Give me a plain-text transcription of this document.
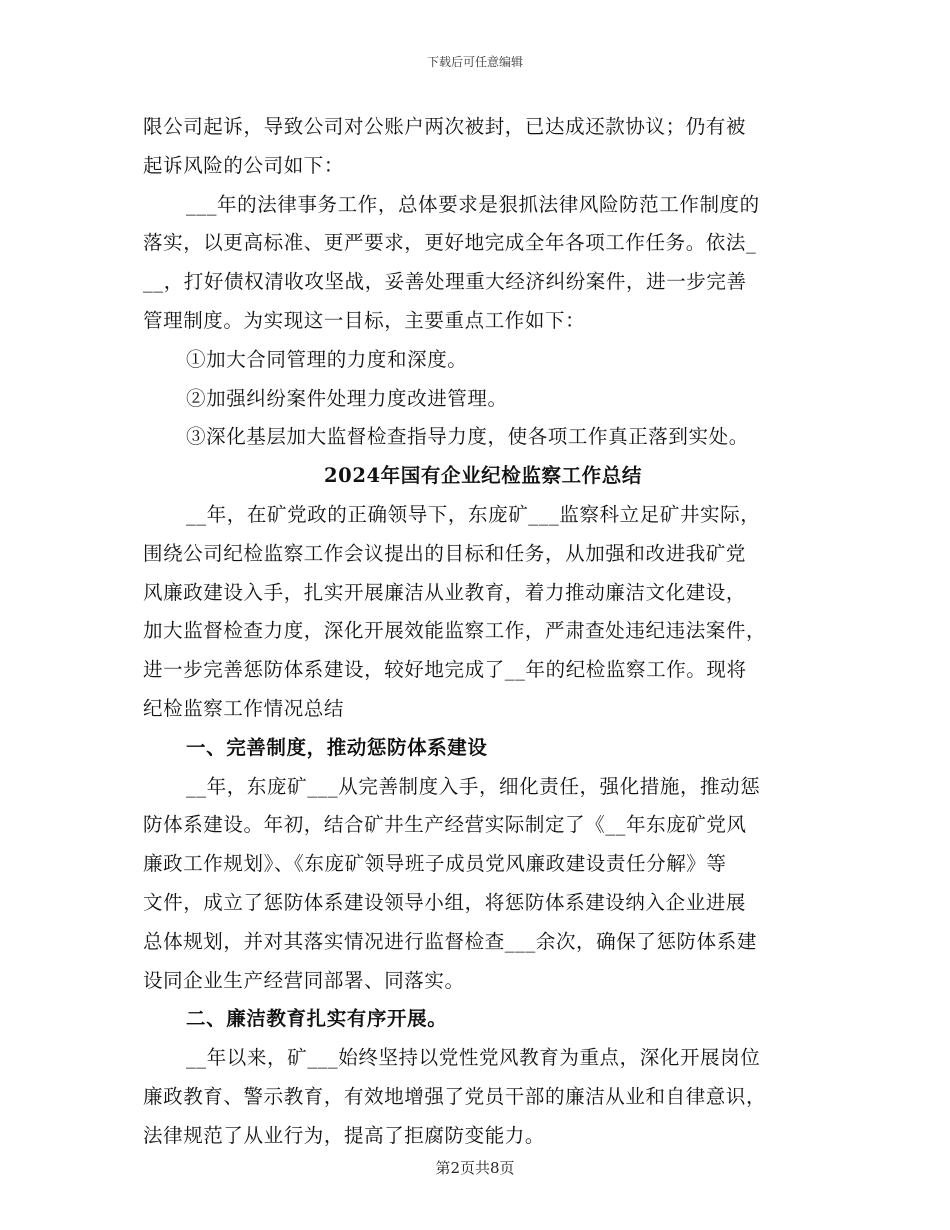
下载后可任意编辑
限公司起诉，导致公司对公账户两次被封，已达成还款协议；仍有被
起诉风险的公司如下：
___年的法律事务工作，总体要求是狠抓法律风险防范工作制度的
落实，以更高标准、更严要求，更好地完成全年各项工作任务。依法_
__，打好债权清收攻坚战，妥善处理重大经济纠纷案件，进一步完善
管理制度。为实现这一目标，主要重点工作如下：
①加大合同管理的力度和深度。
②加强纠纷案件处理力度改进管理。
③深化基层加大监督检查指导力度，使各项工作真正落到实处。
2024年国有企业纪检监察工作总结
__年，在矿党政的正确领导下，东庞矿___监察科立足矿井实际，
围绕公司纪检监察工作会议提出的目标和任务，从加强和改进我矿党
风廉政建设入手，扎实开展廉洁从业教育，着力推动廉洁文化建设，
加大监督检查力度，深化开展效能监察工作，严肃查处违纪违法案件，
进一步完善惩防体系建设，较好地完成了__年的纪检监察工作。现将
纪检监察工作情况总结
一、完善制度，推动惩防体系建设
__年，东庞矿___从完善制度入手，细化责任，强化措施，推动惩
防体系建设。年初，结合矿井生产经营实际制定了《__年东庞矿党风
廉政工作规划》、《东庞矿领导班子成员党风廉政建设责任分解》等
文件，成立了惩防体系建设领导小组，将惩防体系建设纳入企业进展
总体规划，并对其落实情况进行监督检查___余次，确保了惩防体系建
设同企业生产经营同部署、同落实。
二、廉洁教育扎实有序开展。
__年以来，矿___始终坚持以党性党风教育为重点，深化开展岗位
廉政教育、警示教育，有效地增强了党员干部的廉洁从业和自律意识，
法律规范了从业行为，提高了拒腐防变能力。
第2页共8页
